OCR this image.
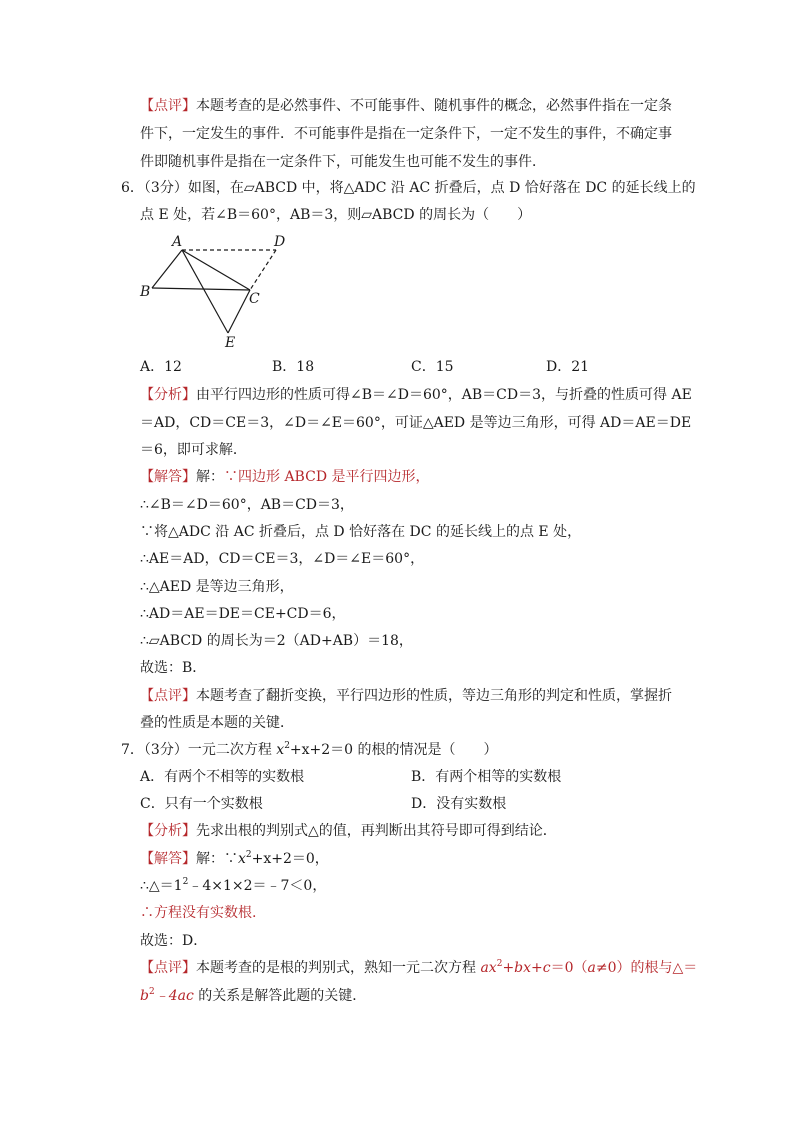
【点评】本题考查的是必然事件、不可能事件、随机事件的概念，必然事件指在一定条
件下，一定发生的事件．不可能事件是指在一定条件下，一定不发生的事件，不确定事
件即随机事件是指在一定条件下，可能发生也可能不发生的事件．
6．（3分）如图，在▱ABCD 中，将△ADC 沿 AC 折叠后，点 D 恰好落在 DC 的延长线上的
点 E 处，若∠B＝60°，AB＝3，则▱ABCD 的周长为（　　）
A	D
B	C
E
A．12	B．18	C．15	D．21
【分析】由平行四边形的性质可得∠B＝∠D＝60°，AB＝CD＝3，与折叠的性质可得 AE
＝AD，CD＝CE＝3，∠D＝∠E＝60°，可证△AED 是等边三角形，可得 AD＝AE＝DE
＝6，即可求解．
【解答】解：∵四边形 ABCD 是平行四边形，
∴∠B＝∠D＝60°，AB＝CD＝3，
∵将△ADC 沿 AC 折叠后，点 D 恰好落在 DC 的延长线上的点 E 处，
∴AE＝AD，CD＝CE＝3，∠D＝∠E＝60°，
∴△AED 是等边三角形，
∴AD＝AE＝DE＝CE+CD＝6，
∴▱ABCD 的周长为＝2（AD+AB）＝18，
故选：B．
【点评】本题考查了翻折变换，平行四边形的性质，等边三角形的判定和性质，掌握折
叠的性质是本题的关键．
7．（3分）一元二次方程 $x^2+x+2=0$ 的根的情况是（　　）
A．有两个不相等的实数根	B．有两个相等的实数根
C．只有一个实数根	D．没有实数根
【分析】先求出根的判别式△的值，再判断出其符号即可得到结论．
【解答】解：$\because x^2+x+2=0$，
$\therefore\triangle=1^2﹣4\times 1\times 2=﹣7<0$，
∴方程没有实数根.
故选：D．
【点评】本题考查的是根的判别式，熟知一元二次方程 $ax^2+bx+c=0(a\ne 0)$的根与△＝
$b^2﹣4ac$ 的关系是解答此题的关键．
